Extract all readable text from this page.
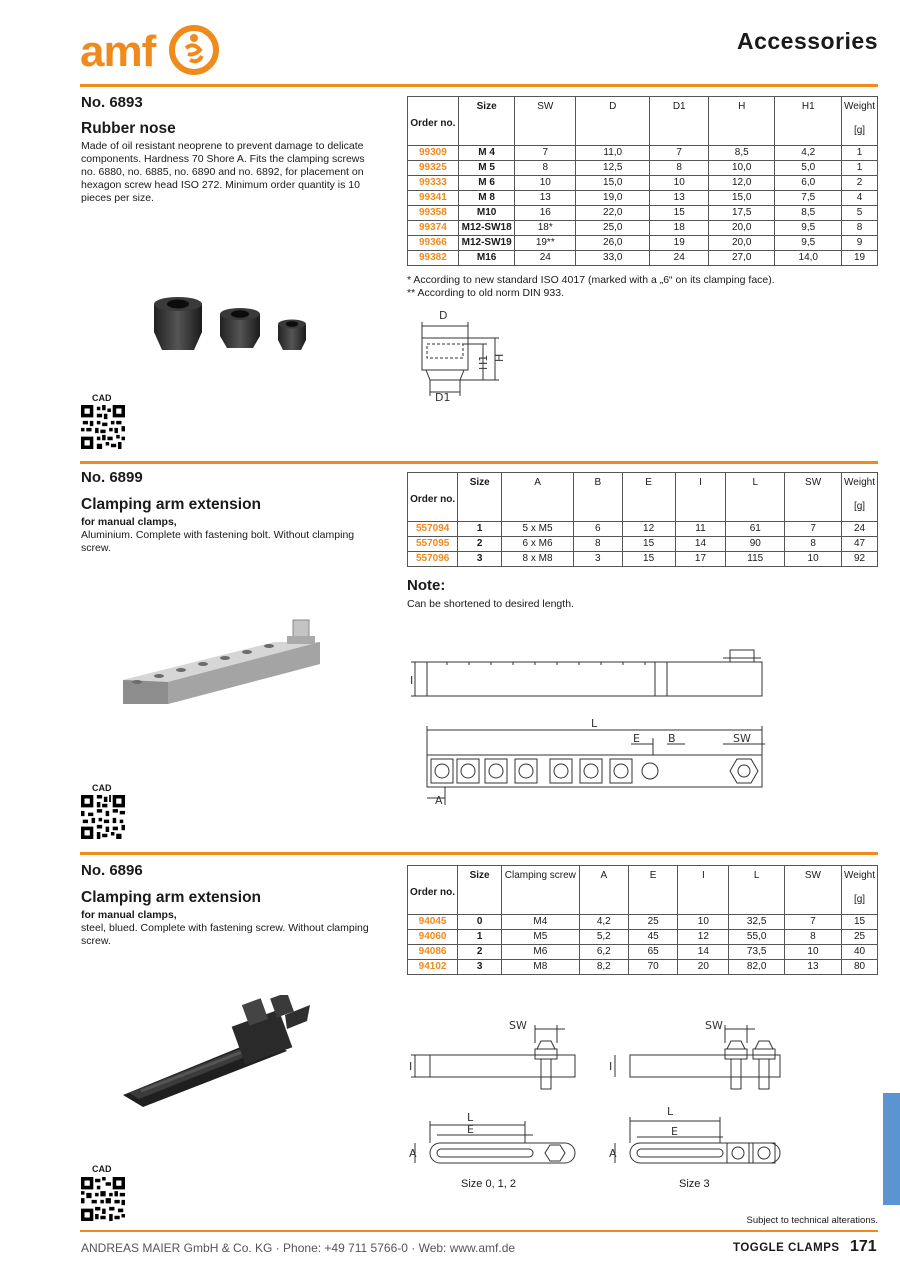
amf	Accessories
No. 6893
Rubber nose
Made of oil resistant neoprene to prevent damage to delicate components. Hardness 70 Shore A. Fits the clamping screws no. 6880, no. 6885, no. 6890 and no. 6892, for placement on hexagon screw head ISO 272. Minimum order quantity is 10 pieces per size.
CAD
Order no.	Size	SW	D	D1	H	H1	Weight
[g]

99309	M 4	7	11,0	7	8,5	4,2	1
99325	M 5	8	12,5	8	10,0	5,0	1
99333	M 6	10	15,0	10	12,0	6,0	2
99341	M 8	13	19,0	13	15,0	7,5	4
99358	M10	16	22,0	15	17,5	8,5	5
99374	M12-SW18	18*	25,0	18	20,0	9,5	8
99366	M12-SW19	19**	26,0	19	20,0	9,5	9
99382	M16	24	33,0	24	27,0	14,0	19
* According to new standard ISO 4017 (marked with a „6“ on its clamping face).
** According to old norm DIN 933.
D
D1
H
H1
No. 6899
Clamping arm extension
for manual clamps,
Aluminium. Complete with fastening bolt. Without clamping screw.
CAD
Order no.	Size	A	B	E	I	L	SW	Weight
[g]

557094	1	5 x M5	6	12	11	61	7	24
557095	2	6 x M6	8	15	14	90	8	47
557096	3	8 x M8	3	15	17	115	10	92
Note:
Can be shortened to desired length.
I
L
E	B	SW
A
No. 6896
Clamping arm extension
for manual clamps,
steel, blued. Complete with fastening screw. Without clamping screw.
CAD
Order no.	Size	Clamping screw	A	E	I	L	SW	Weight
[g]

94045	0	M4	4,2	25	10	32,5	7	15
94060	1	M5	5,2	45	12	55,0	8	25
94086	2	M6	6,2	65	14	73,5	10	40
94102	3	M8	8,2	70	20	82,0	13	80
SW
I
L
E
A
SW
I
L
E
A
Size 0, 1, 2	Size 3
Subject to technical alterations.
ANDREAS MAIER GmbH & Co. KG · Phone: +49 711 5766-0 · Web: www.amf.de	TOGGLE CLAMPS 171
